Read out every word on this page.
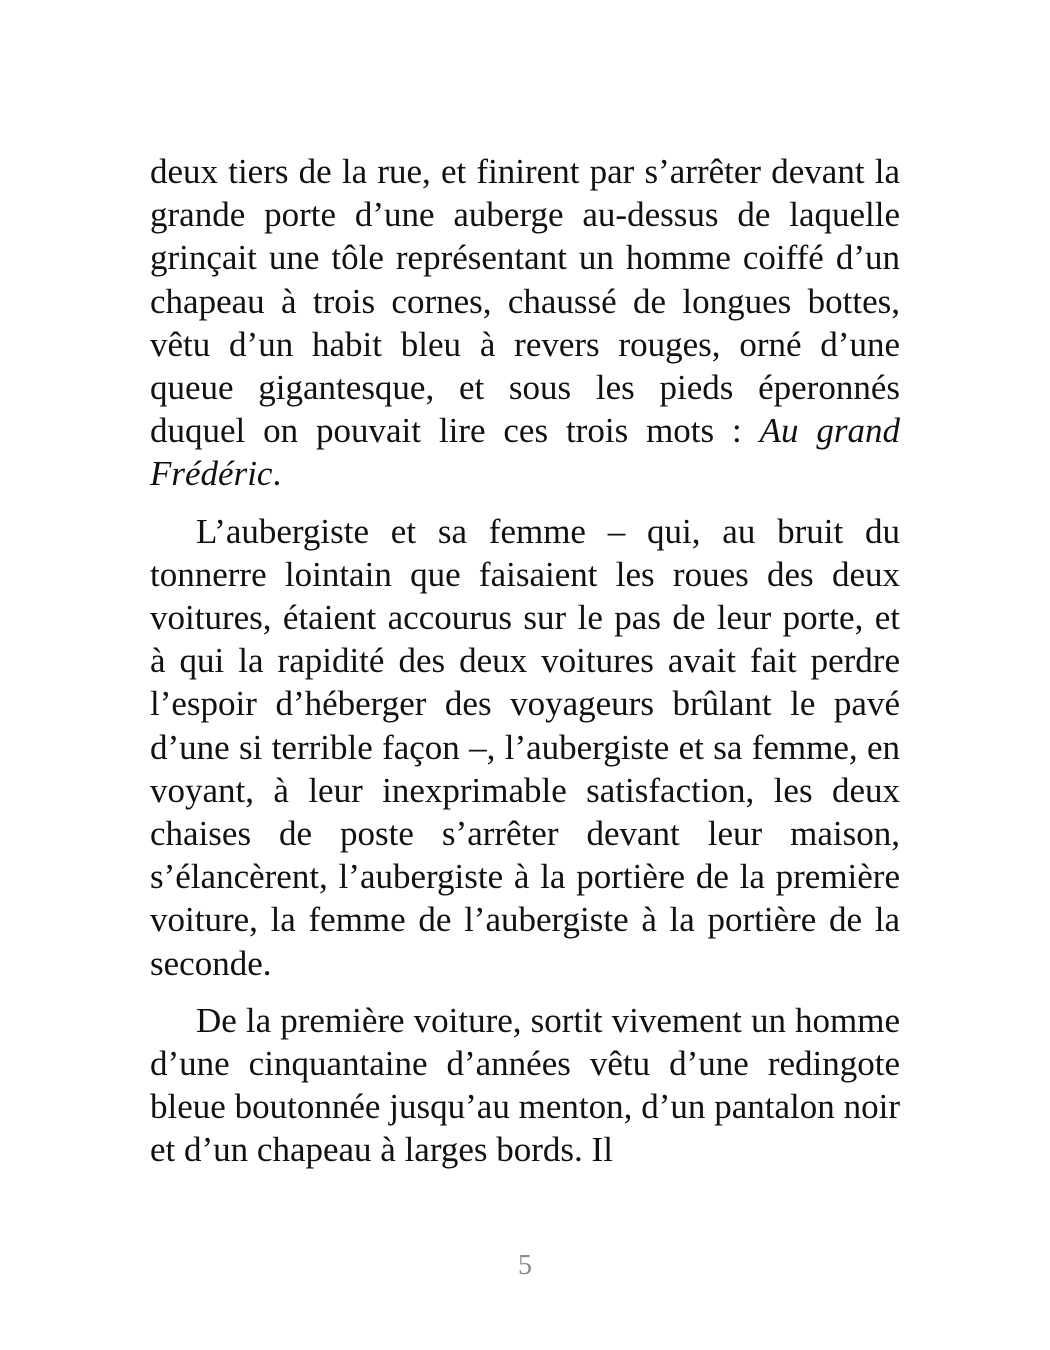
deux tiers de la rue, et finirent par s’arrêter devant la grande porte d’une auberge au-dessus de laquelle grinçait une tôle représentant un homme coiffé d’un chapeau à trois cornes, chaussé de longues bottes, vêtu d’un habit bleu à revers rouges, orné d’une queue gigantesque, et sous les pieds éperonnés duquel on pouvait lire ces trois mots : Au grand Frédéric.

L’aubergiste et sa femme – qui, au bruit du tonnerre lointain que faisaient les roues des deux voitures, étaient accourus sur le pas de leur porte, et à qui la rapidité des deux voitures avait fait perdre l’espoir d’héberger des voyageurs brûlant le pavé d’une si terrible façon –, l’aubergiste et sa femme, en voyant, à leur inexprimable satisfaction, les deux chaises de poste s’arrêter devant leur maison, s’élancèrent, l’aubergiste à la portière de la première voiture, la femme de l’aubergiste à la portière de la seconde.

De la première voiture, sortit vivement un homme d’une cinquantaine d’années vêtu d’une redingote bleue boutonnée jusqu’au menton, d’un pantalon noir et d’un chapeau à larges bords. Il

5
